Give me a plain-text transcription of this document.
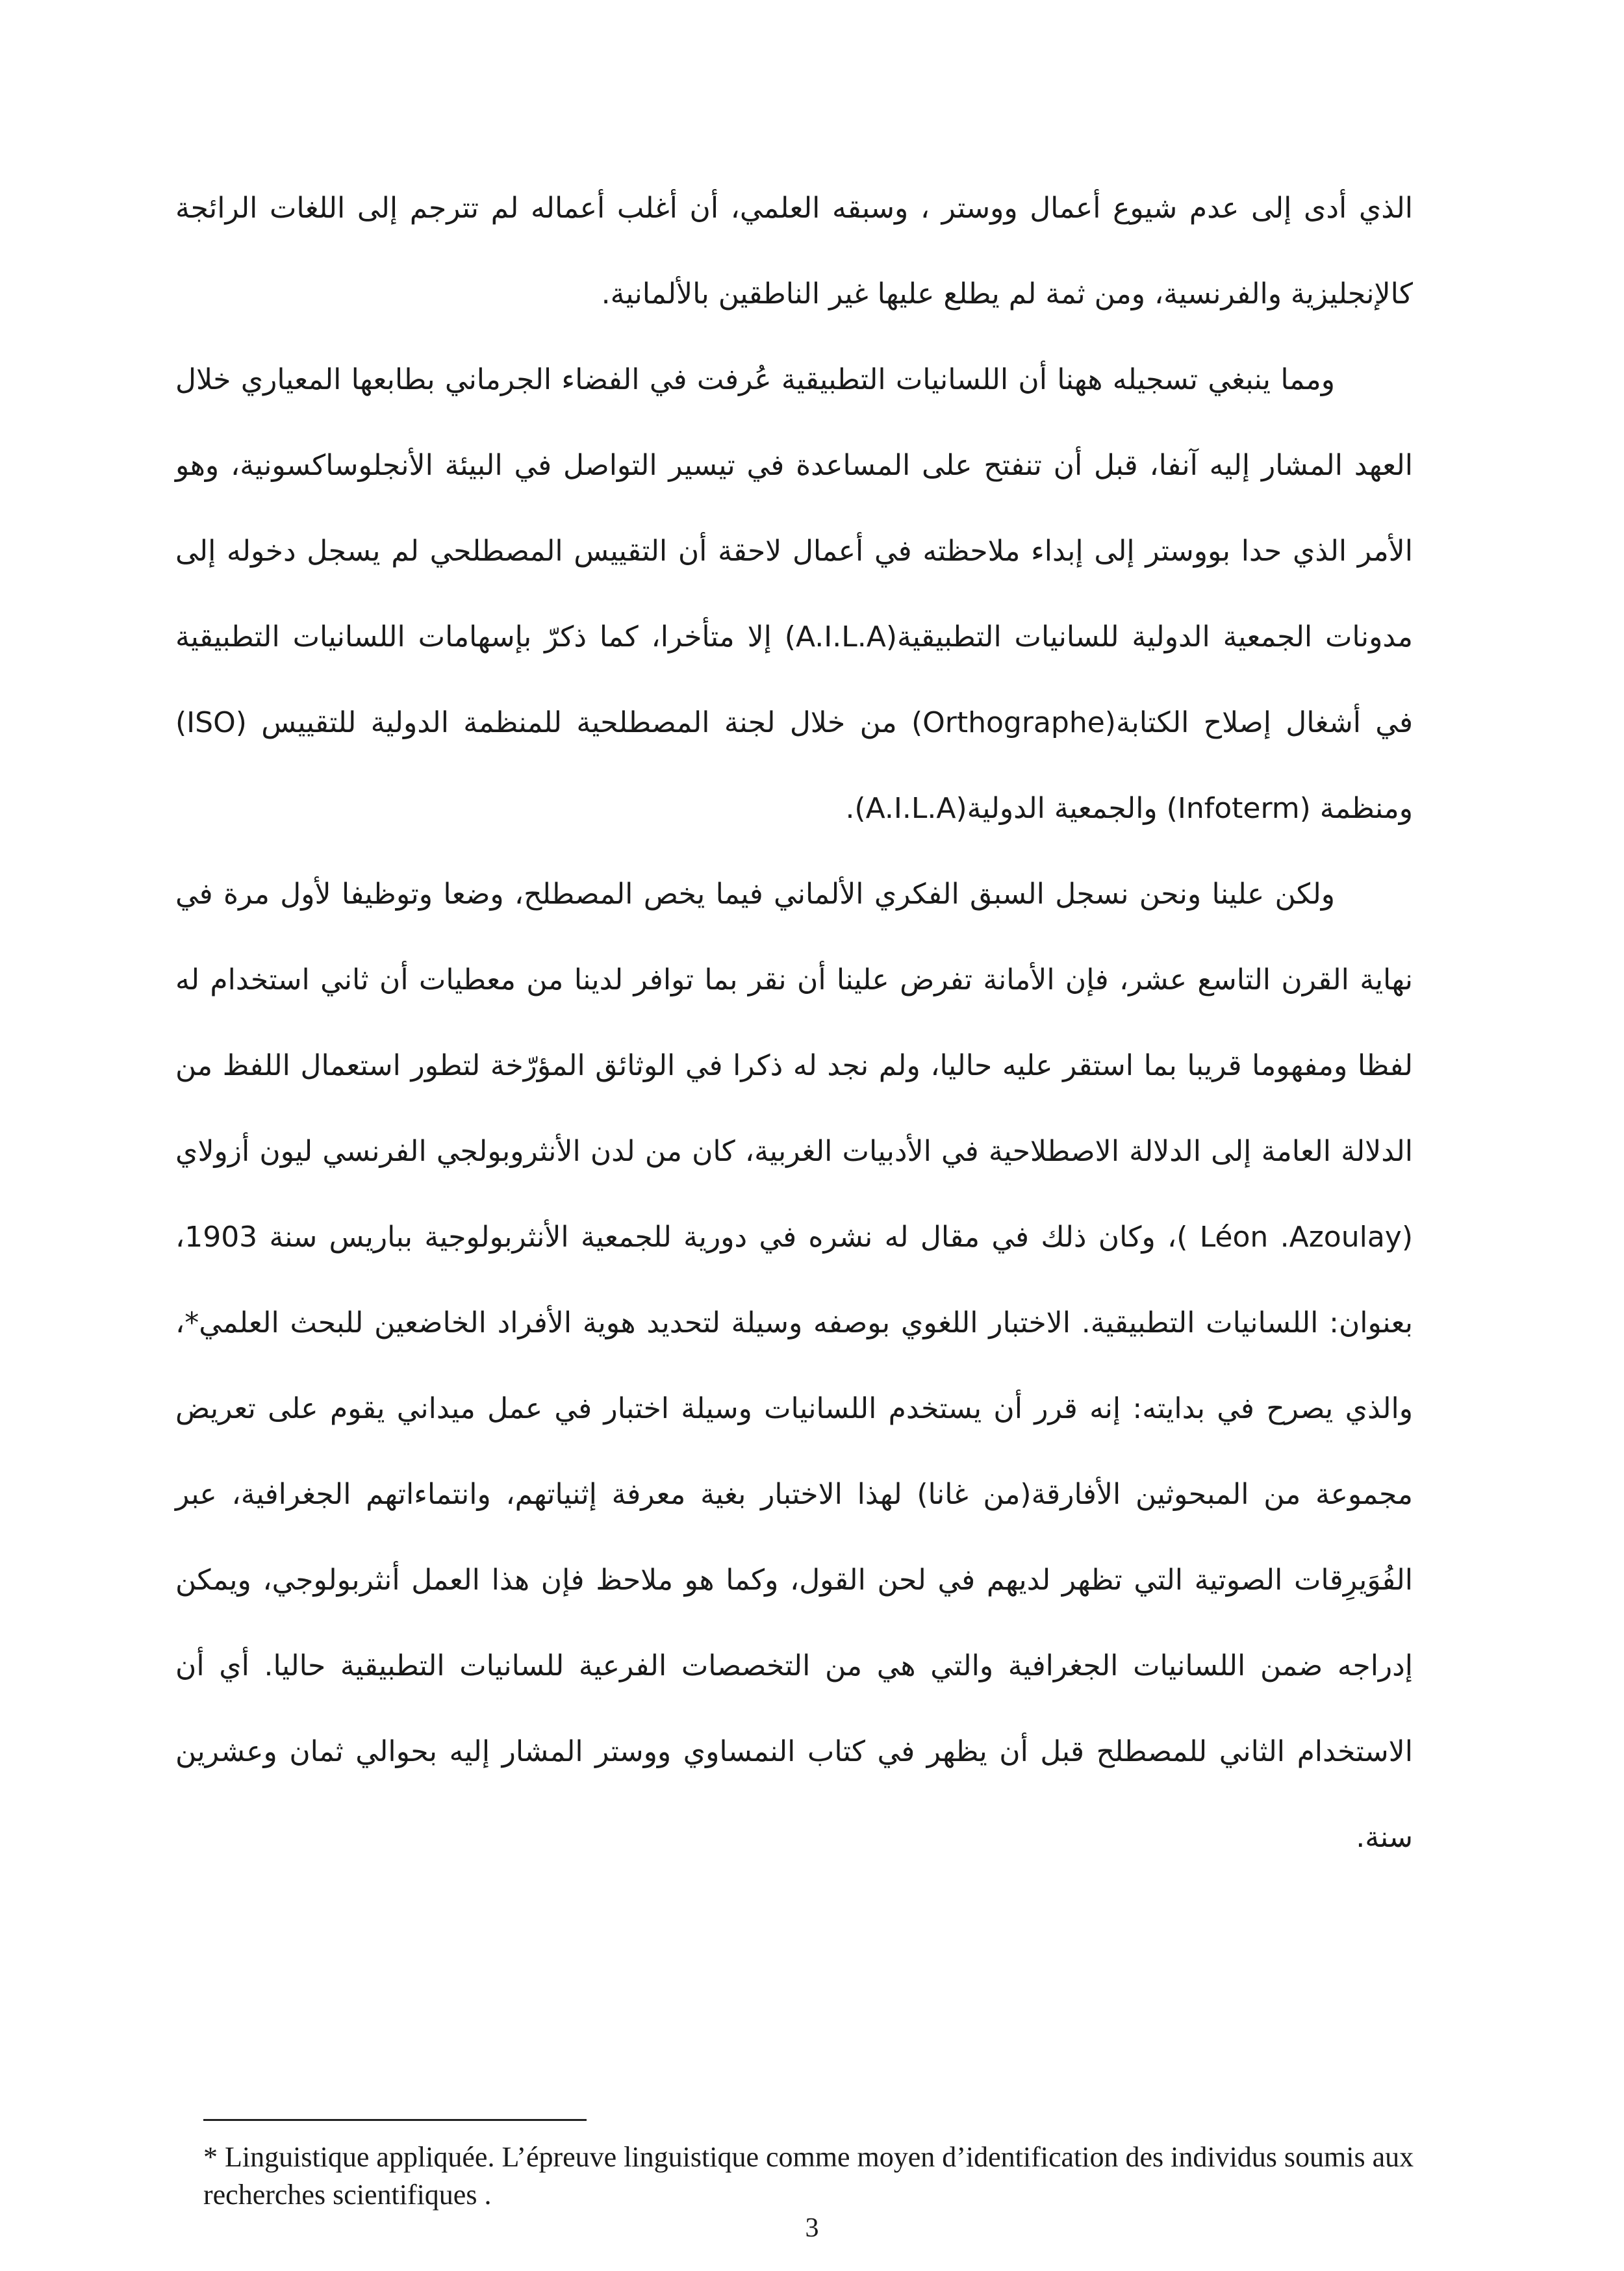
الذي أدى إلى عدم شيوع أعمال ووستر ، وسبقه العلمي، أن أغلب أعماله لم تترجم إلى اللغات الرائجة كالإنجليزية والفرنسية، ومن ثمة لم يطلع عليها غير الناطقين بالألمانية.

ومما ينبغي تسجيله ههنا أن اللسانيات التطبيقية عُرفت في الفضاء الجرماني بطابعها المعياري خلال العهد المشار إليه آنفا، قبل أن تنفتح على المساعدة في تيسير التواصل في البيئة الأنجلوساكسونية، وهو الأمر الذي حدا بووستر إلى إبداء ملاحظته في أعمال لاحقة أن التقييس المصطلحي لم يسجل دخوله إلى مدونات الجمعية الدولية للسانيات التطبيقية(A.I.L.A) إلا متأخرا، كما ذكرّ بإسهامات اللسانيات التطبيقية في أشغال إصلاح الكتابة(Orthographe) من خلال لجنة المصطلحية للمنظمة الدولية للتقييس (ISO) ومنظمة (Infoterm) والجمعية الدولية(A.I.L.A).

ولكن علينا ونحن نسجل السبق الفكري الألماني فيما يخص المصطلح، وضعا وتوظيفا لأول مرة في نهاية القرن التاسع عشر، فإن الأمانة تفرض علينا أن نقر بما توافر لدينا من معطيات أن ثاني استخدام له لفظا ومفهوما قريبا بما استقر عليه حاليا، ولم نجد له ذكرا في الوثائق المؤرّخة لتطور استعمال اللفظ من الدلالة العامة إلى الدلالة الاصطلاحية في الأدبيات الغربية، كان من لدن الأنثروبولجي الفرنسي ليون أزولاي (Léon .Azoulay )، وكان ذلك في مقال له نشره في دورية للجمعية الأنثربولوجية بباريس سنة 1903، بعنوان: اللسانيات التطبيقية. الاختبار اللغوي بوصفه وسيلة لتحديد هوية الأفراد الخاضعين للبحث العلمي*، والذي يصرح في بدايته: إنه قرر أن يستخدم اللسانيات وسيلة اختبار في عمل ميداني يقوم على تعريض مجموعة من المبحوثين الأفارقة(من غانا) لهذا الاختبار بغية معرفة إثنياتهم، وانتماءاتهم الجغرافية، عبر الفُوَيرِقات الصوتية التي تظهر لديهم في لحن القول، وكما هو ملاحظ فإن هذا العمل أنثربولوجي، ويمكن إدراجه ضمن اللسانيات الجغرافية والتي هي من التخصصات الفرعية للسانيات التطبيقية حاليا. أي أن الاستخدام الثاني للمصطلح قبل أن يظهر في كتاب النمساوي ووستر المشار إليه بحوالي ثمان وعشرين سنة.

* Linguistique appliquée. L’épreuve linguistique comme moyen d’identification des individus soumis aux recherches scientifiques .
3
